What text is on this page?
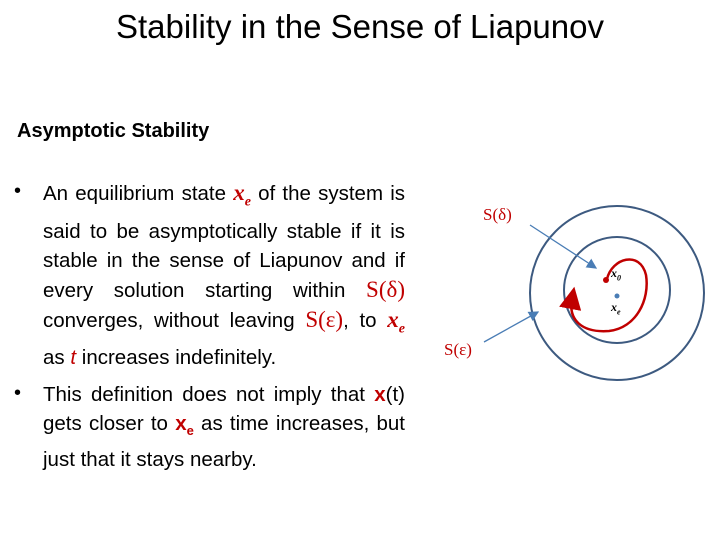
Stability in the Sense of Liapunov
Asymptotic Stability
• An equilibrium state $x_e$ of the system is said to be asymptotically stable if it is stable in the sense of Liapunov and if every solution starting within S(δ) converges, without leaving S(ε), to $x_e$ as t increases indefinitely.
• This definition does not imply that x(t) gets closer to $x_e$ as time increases, but just that it stays nearby.
S(δ)
S(ε)
$x_0$
$x_e$
